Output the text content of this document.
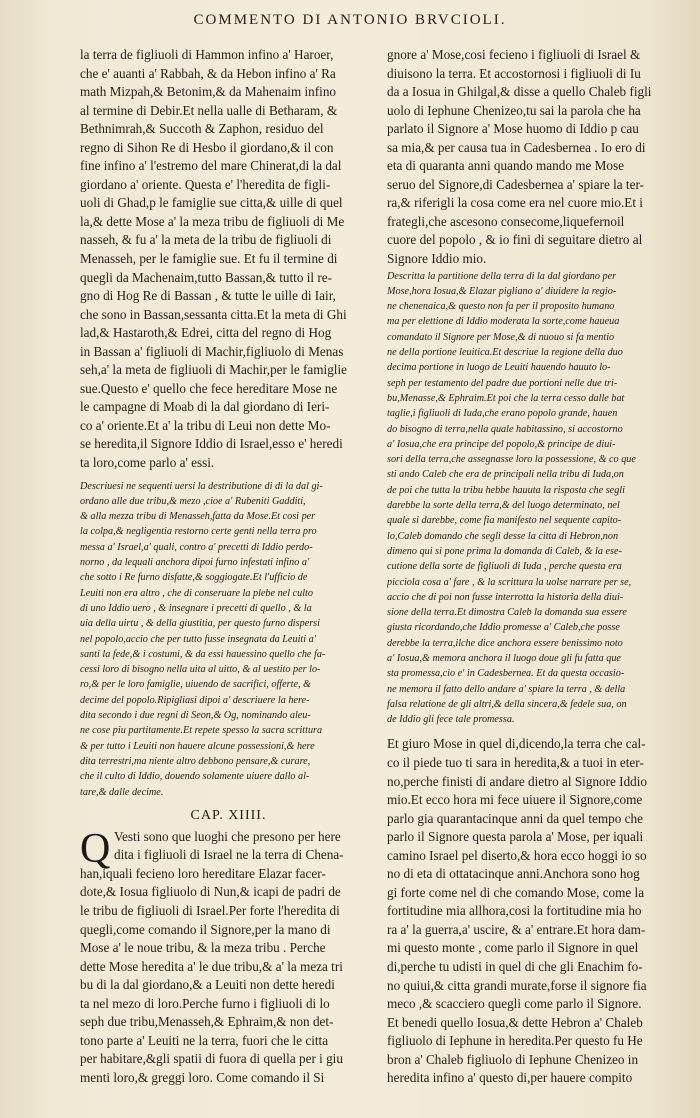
COMMENTO DI ANTONIO BRVCIOLI.
la terra de figliuoli di Hammon infino a' Haroer,
che e' auanti a' Rabbah, & da Hebon infino a' Ra
math Mizpah,& Betonim,& da Mahenaim infino
al termine di Debir.Et nella ualle di Betharam, &
Bethnimrah,& Succoth & Zaphon, residuo del
regno di Sihon Re di Hesbo il giordano,& il con
fine infino a' l'estremo del mare Chinerat,di la dal
giordano a' oriente. Questa e' l'heredita de figli-
uoli di Ghad,p le famiglie sue citta,& uille di quel
la,& dette Mose a' la meza tribu de figliuoli di Me
nasseh, & fu a' la meta de la tribu de figliuoli di
Menasseh, per le famiglie sue. Et fu il termine di
quegli da Machenaim,tutto Bassan,& tutto il re-
gno di Hog Re di Bassan , & tutte le uille di Iair,
che sono in Bassan,sessanta citta.Et la meta di Ghi
lad,& Hastaroth,& Edrei, citta del regno di Hog
in Bassan a' figliuoli di Machir,figliuolo di Menas
seh,a' la meta de figliuoli di Machir,per le famiglie
sue.Questo e' quello che fece hereditare Mose ne
le campagne di Moab di la dal giordano di Ieri-
co a' oriente.Et a' la tribu di Leui non dette Mo-
se heredita,il Signore Iddio di Israel,esso e' heredi
ta loro,come parlo a' essi.
Descriuesi ne sequenti uersi la destributione di di la dal gi-
ordano alle due tribu,& mezo ,cioe a' Rubeniti Gadditi,
& alla mezza tribu di Menasseh,fatta da Mose.Et cosi per
la colpa,& negligentia restorno certe genti nella terra pro
messa a' Israel,a' quali, contro a' precetti di Iddio perdo-
norno , da lequali anchora dipoi furno infestati infino a'
che sotto i Re furno disfatte,& soggiogate.Et l'ufficio de
Leuiti non era altro , che di conseruare la plebe nel culto
di uno Iddio uero , & insegnare i precetti di quello , & la
uia della uirtu , & della giustitia, per questo furno dispersi
nel popolo,accio che per tutto fusse insegnata da Leuiti a'
santi la fede,& i costumi, & da essi hauessino quello che fa-
cessi loro di bisogno nella uita al uitto, & al uestito per lo-
ro,& per le loro famiglie, uiuendo de sacrifici, offerte, &
decime del popolo.Ripigliasi dipoi a' descriuere la here-
dita secondo i due regni di Seon,& Og, nominando aleu-
ne cose piu partitamente.Et repete spesso la sacra scrittura
& per tutto i Leuiti non hauere alcune possessioni,& here
dita terrestri,ma niente altro debbono pensare,& curare,
che il culto di Iddio, douendo solamente uiuere dallo al-
tare,& dalle decime.
CAP. XIIII.
Q Vesti sono que luoghi che presono per here
dita i figliuoli di Israel ne la terra di Chena-
han,iquali fecieno loro hereditare Elazar facer-
dote,& Iosua figliuolo di Nun,& icapi de padri de
le tribu de figliuoli di Israel.Per forte l'heredita di
quegli,come comando il Signore,per la mano di
Mose a' le noue tribu, & la meza tribu . Perche
dette Mose heredita a' le due tribu,& a' la meza tri
bu di la dal giordano,& a Leuiti non dette heredi
ta nel mezo di loro.Perche furno i figliuoli di lo
seph due tribu,Menasseh,& Ephraim,& non det-
tono parte a' Leuiti ne la terra, fuori che le citta
per habitare,&gli spatii di fuora di quella per i giu
menti loro,& greggi loro. Come comando il Si
gnore a' Mose,cosi fecieno i figliuoli di Israel &
diuisono la terra. Et accostornosi i figliuoli di Iu
da a Iosua in Ghilgal,& disse a quello Chaleb figli
uolo di Iephune Chenizeo,tu sai la parola che ha
parlato il Signore a' Mose huomo di Iddio p cau
sa mia,& per causa tua in Cadesbernea . Io ero di
eta di quaranta anni quando mando me Mose
seruo del Signore,di Cadesbernea a' spiare la ter-
ra,& riferigli la cosa come era nel cuore mio.Et i
frategli,che ascesono consecome,liquefernoil
cuore del popolo , & io fini di seguitare dietro al
Signore Iddio mio.
Descritta la partitione della terra di la dal giordano per
Mose,hora Iosua,& Elazar pigliano a' diuidere la regio-
ne chenenaica,& questo non fa per il proposito humano
ma per elettione di Iddio moderata la sorte,come haueua
comandato il Signore per Mose,& di nuouo si fa mentio
ne della portione leuitica.Et descriue la regione della duo
decima portione in luogo de Leuiti hauendo hauuto lo-
seph per testamento del padre due portioni nelle due tri-
bu,Menasse,& Ephraim.Et poi che la terra cesso dalle bat
taglie,i figliuoli di Iuda,che erano popolo grande, hauen
do bisogno di terra,nella quale habitassino, si accostorno
a' Iosua,che era principe del popolo,& principe de diui-
sori della terra,che assegnasse loro la possessione, & co que
sti ando Caleb che era de principali nella tribu di Iuda,on
de poi che tutta la tribu hebbe hauuta la risposta che segli
darebbe la sorte della terra,& del luogo determinato, nel
quale si darebbe, come fia manifesto nel sequente capito-
lo,Caleb domando che segli desse la citta di Hebron,non
dimeno qui si pone prima la domanda di Caleb, & la ese-
cutione della sorte de figliuoli di Iuda , perche questa era
picciola cosa a' fare , & la scrittura la uolse narrare per se,
accio che di poi non fusse interrotta la historia della diui-
sione della terra.Et dimostra Caleb la domanda sua essere
giusta ricordando,che Iddio promesse a' Caleb,che posse
derebbe la terra,ilche dice anchora essere benissimo noto
a' Iosua,& memora anchora il luogo doue gli fu fatta que
sta promessa,cio e' in Cadesbernea. Et da questa occasio-
ne memora il fatto dello andare a' spiare la terra , & della
falsa relatione de gli altri,& della sincera,& fedele sua, on
de Iddio gli fece tale promessa.
Et giuro Mose in quel di,dicendo,la terra che cal-
co il piede tuo ti sara in heredita,& a tuoi in eter-
no,perche finisti di andare dietro al Signore Iddio
mio.Et ecco hora mi fece uiuere il Signore,come
parlo gia quarantacinque anni da quel tempo che
parlo il Signore questa parola a' Mose, per iquali
camino Israel pel diserto,& hora ecco hoggi io so
no di eta di ottatacinque anni.Anchora sono hog
gi forte come nel di che comando Mose, come la
fortitudine mia allhora,cosi la fortitudine mia ho
ra a' la guerra,a' uscire, & a' entrare.Et hora dam-
mi questo monte , come parlo il Signore in quel
di,perche tu udisti in quel di che gli Enachim fo-
no quiui,& citta grandi murate,forse il signore fia
meco ,& scacciero quegli come parlo il Signore.
Et benedi quello Iosua,& dette Hebron a' Chaleb
figliuolo di Iephune in heredita.Per questo fu He
bron a' Chaleb figliuolo di Iephune Chenizeo in
heredita infino a' questo di,per hauere compito
